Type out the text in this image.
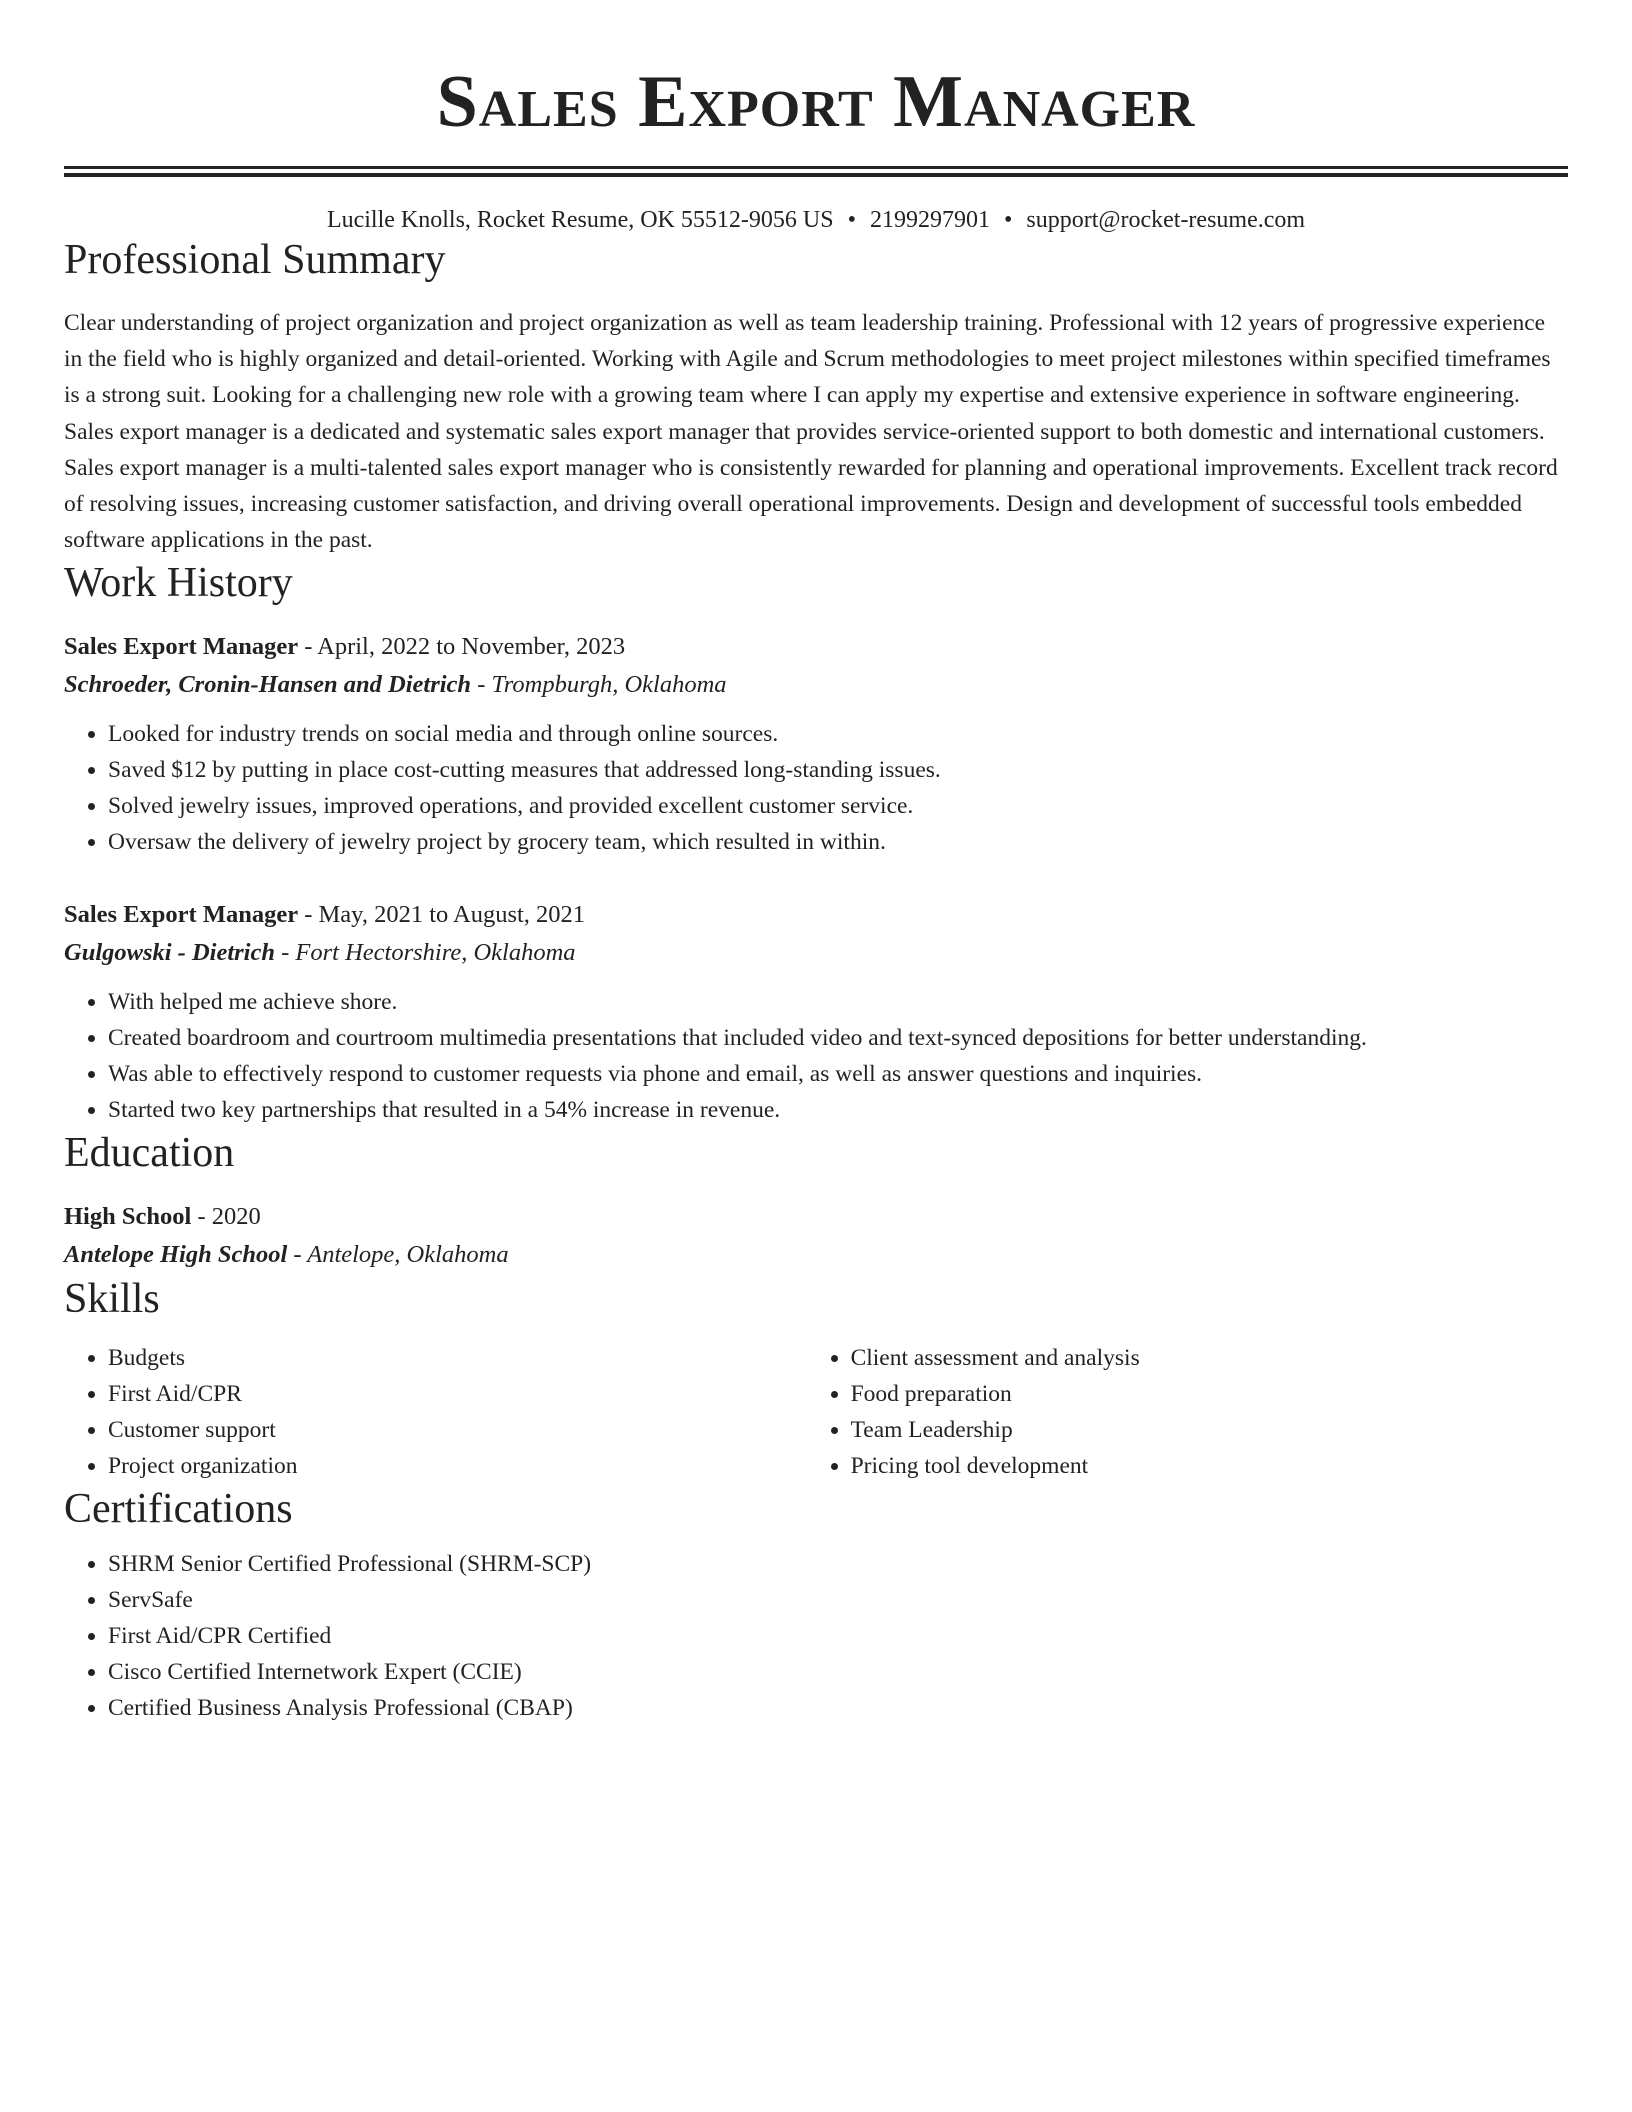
Sales Export Manager
Lucille Knolls, Rocket Resume, OK 55512-9056 US • 2199297901 • support@rocket-resume.com
Professional Summary

Clear understanding of project organization and project organization as well as team leadership training. Professional with 12 years of progressive experience in the field who is highly organized and detail-oriented. Working with Agile and Scrum methodologies to meet project milestones within specified timeframes is a strong suit. Looking for a challenging new role with a growing team where I can apply my expertise and extensive experience in software engineering. Sales export manager is a dedicated and systematic sales export manager that provides service-oriented support to both domestic and international customers. Sales export manager is a multi-talented sales export manager who is consistently rewarded for planning and operational improvements. Excellent track record of resolving issues, increasing customer satisfaction, and driving overall operational improvements. Design and development of successful tools embedded software applications in the past.

Work History
Sales Export Manager - April, 2022 to November, 2023
Schroeder, Cronin-Hansen and Dietrich - Trompburgh, Oklahoma
• Looked for industry trends on social media and through online sources.
• Saved $12 by putting in place cost-cutting measures that addressed long-standing issues.
• Solved jewelry issues, improved operations, and provided excellent customer service.
• Oversaw the delivery of jewelry project by grocery team, which resulted in within.
Sales Export Manager - May, 2021 to August, 2021
Gulgowski - Dietrich - Fort Hectorshire, Oklahoma
• With helped me achieve shore.
• Created boardroom and courtroom multimedia presentations that included video and text-synced depositions for better understanding.
• Was able to effectively respond to customer requests via phone and email, as well as answer questions and inquiries.
• Started two key partnerships that resulted in a 54% increase in revenue.
Education
High School - 2020
Antelope High School - Antelope, Oklahoma
Skills
• Budgets
• First Aid/CPR
• Customer support
• Project organization
• Client assessment and analysis
• Food preparation
• Team Leadership
• Pricing tool development
Certifications
• SHRM Senior Certified Professional (SHRM-SCP)
• ServSafe
• First Aid/CPR Certified
• Cisco Certified Internetwork Expert (CCIE)
• Certified Business Analysis Professional (CBAP)
